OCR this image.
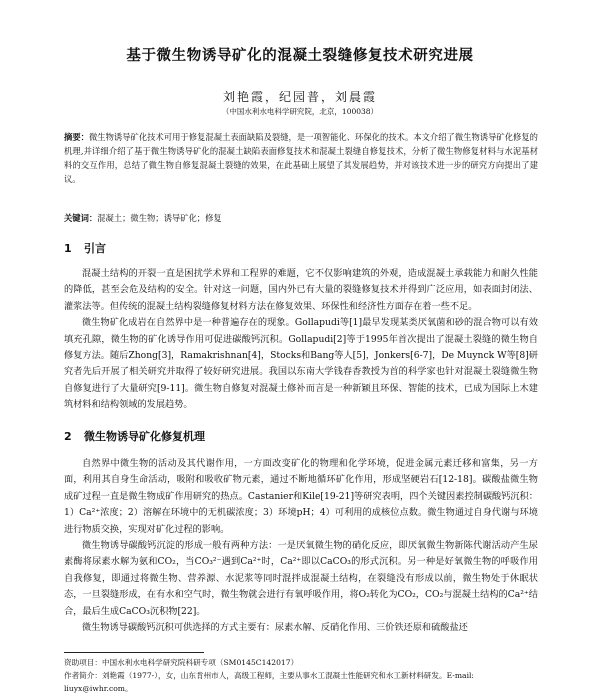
基于微生物诱导矿化的混凝土裂缝修复技术研究进展
刘艳霞，纪园普，刘晨霞
（中国水利水电科学研究院，北京，100038）
摘要：微生物诱导矿化技术可用于修复混凝土表面缺陷及裂缝，是一项智能化、环保化的技术。本文介绍了微生物诱导矿化修复的机理,并详细介绍了基于微生物诱导矿化的混凝土缺陷表面修复技术和混凝土裂缝自修复技术，分析了微生物修复材料与水泥基材料的交互作用，总结了微生物自修复混凝土裂缝的效果，在此基础上展望了其发展趋势，并对该技术进一步的研究方向提出了建议。
关键词：混凝土；微生物；诱导矿化；修复
1 引言

混凝土结构的开裂一直是困扰学术界和工程界的难题，它不仅影响建筑的外观，造成混凝土承载能力和耐久性能的降低，甚至会危及结构的安全。针对这一问题，国内外已有大量的裂缝修复技术并得到广泛应用，如表面封闭法、灌浆法等。但传统的混凝土结构裂缝修复材料方法在修复效果、环保性和经济性方面存在着一些不足。

微生物矿化成岩在自然界中是一种普遍存在的现象。Gollapudi等[1]最早发现某类厌氧菌和砂的混合物可以有效填充孔隙，微生物的矿化诱导作用可促进碳酸钙沉积。Gollapudi[2]等于1995年首次提出了混凝土裂缝的微生物自修复方法。随后Zhong[3]，Ramakrishnan[4]，Stocks和Bang等人[5]，Jonkers[6-7]，De Muynck W等[8]研究者先后开展了相关研究并取得了较好研究进展。我国以东南大学钱春香教授为首的科学家也针对混凝土裂缝微生物自修复进行了大量研究[9-11]。微生物自修复对混凝土修补而言是一种新颖且环保、智能的技术，已成为国际上木建筑材料和结构领域的发展趋势。

2 微生物诱导矿化修复机理

自然界中微生物的活动及其代谢作用，一方面改变矿化的物理和化学环境，促进金属元素迁移和富集，另一方面，利用其自身生命活动，吸附和吸收矿物元素，通过不断地循环矿化作用，形成坚硬岩石[12-18]。碳酸盐微生物成矿过程一直是微生物成矿作用研究的热点。Castanier和Kile[19-21]等研究表明，四个关键因素控制碳酸钙沉积：1）Ca²⁺浓度；2）溶解在环境中的无机碳浓度；3）环境pH；4）可利用的成核位点数。微生物通过自身代谢与环境进行物质交换，实现对矿化过程的影响。

微生物诱导碳酸钙沉淀的形成一般有两种方法：一是厌氧微生物的硝化反应，即厌氧微生物新陈代谢活动产生尿素酶将尿素水解为氨和CO₂，当CO₃²⁻遇到Ca²⁺时，Ca²⁺即以CaCO₃的形式沉积。另一种是好氧微生物的呼吸作用自我修复，即通过将微生物、营养源、水泥浆等同时混拌成混凝土结构，在裂缝没有形成以前，微生物处于休眠状态，一旦裂缝形成，在有水和空气时，微生物就会进行有氧呼吸作用，将O₂转化为CO₂，CO₂与混凝土结构的Ca²⁺结合，最后生成CaCO₃沉积物[22]。

微生物诱导碳酸钙沉积可供选择的方式主要有：尿素水解、反硝化作用、三价铁还原和硫酸盐还

资助项目：中国水利水电科学研究院科研专项（SM0145C142017）
作者简介：刘艳霞（1977-），女，山东肯州市人，高级工程师，主要从事水工混凝土性能研究和水工新材料研发。E-mail: liuyx@iwhr.com。
